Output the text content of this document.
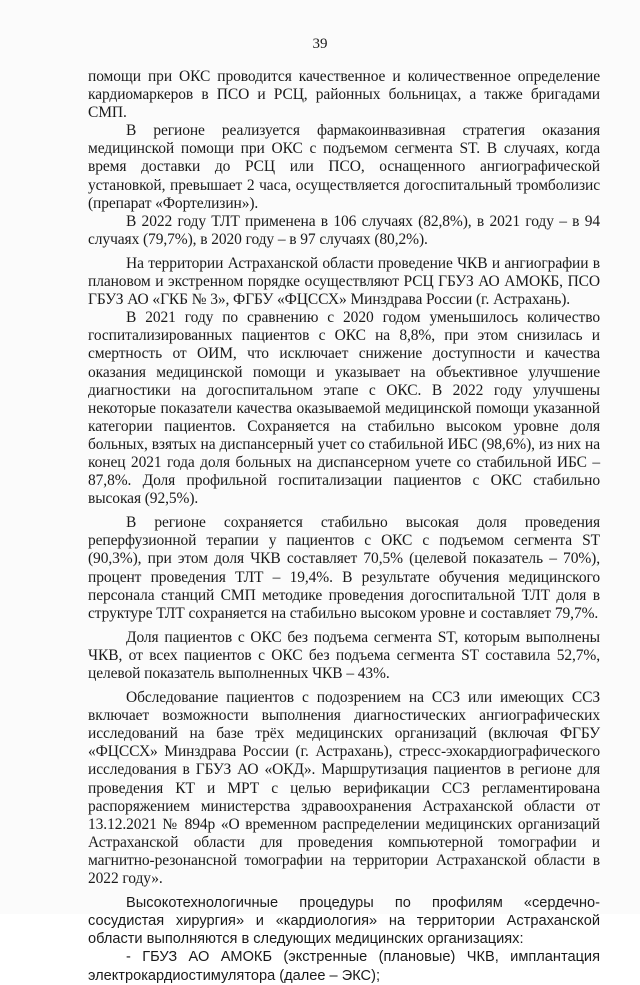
39

помощи при ОКС проводится качественное и количественное определение кардиомаркеров в ПСО и РСЦ, районных больницах, а также бригадами СМП.

В регионе реализуется фармакоинвазивная стратегия оказания медицинской помощи при ОКС с подъемом сегмента ST. В случаях, когда время доставки до РСЦ или ПСО, оснащенного ангиографической установкой, превышает 2 часа, осуществляется догоспитальный тромболизис (препарат «Фортелизин»).

В 2022 году ТЛТ применена в 106 случаях (82,8%), в 2021 году – в 94 случаях (79,7%), в 2020 году – в 97 случаях (80,2%).

На территории Астраханской области проведение ЧКВ и ангиографии в плановом и экстренном порядке осуществляют РСЦ ГБУЗ АО АМОКБ, ПСО ГБУЗ АО «ГКБ № 3», ФГБУ «ФЦССХ» Минздрава России (г. Астрахань).

В 2021 году по сравнению с 2020 годом уменьшилось количество госпитализированных пациентов с ОКС на 8,8%, при этом снизилась и смертность от ОИМ, что исключает снижение доступности и качества оказания медицинской помощи и указывает на объективное улучшение диагностики на догоспитальном этапе с ОКС. В 2022 году улучшены некоторые показатели качества оказываемой медицинской помощи указанной категории пациентов. Сохраняется на стабильно высоком уровне доля больных, взятых на диспансерный учет со стабильной ИБС (98,6%), из них на конец 2021 года доля больных на диспансерном учете со стабильной ИБС – 87,8%. Доля профильной госпитализации пациентов с ОКС стабильно высокая (92,5%).

В регионе сохраняется стабильно высокая доля проведения реперфузионной терапии у пациентов с ОКС с подъемом сегмента ST (90,3%), при этом доля ЧКВ составляет 70,5% (целевой показатель – 70%), процент проведения ТЛТ – 19,4%. В результате обучения медицинского персонала станций СМП методике проведения догоспитальной ТЛТ доля в структуре ТЛТ сохраняется на стабильно высоком уровне и составляет 79,7%.

Доля пациентов с ОКС без подъема сегмента ST, которым выполнены ЧКВ, от всех пациентов с ОКС без подъема сегмента ST составила 52,7%, целевой показатель выполненных ЧКВ – 43%.

Обследование пациентов с подозрением на ССЗ или имеющих ССЗ включает возможности выполнения диагностических ангиографических исследований на базе трёх медицинских организаций (включая ФГБУ «ФЦССХ» Минздрава России (г. Астрахань), стресс-эхокардиографического исследования в ГБУЗ АО «ОКД». Маршрутизация пациентов в регионе для проведения КТ и МРТ с целью верификации ССЗ регламентирована распоряжением министерства здравоохранения Астраханской области от 13.12.2021 № 894р «О временном распределении медицинских организаций Астраханской области для проведения компьютерной томографии и магнитно-резонансной томографии на территории Астраханской области в 2022 году».

Высокотехнологичные процедуры по профилям «сердечно-сосудистая хирургия» и «кардиология» на территории Астраханской области выполняются в следующих медицинских организациях:

- ГБУЗ АО АМОКБ (экстренные (плановые) ЧКВ, имплантация электрокардиостимулятора (далее – ЭКС);
